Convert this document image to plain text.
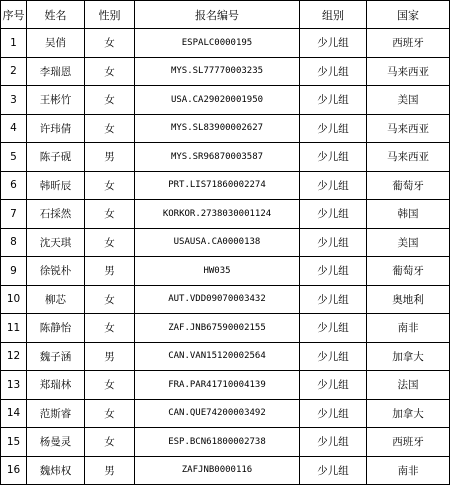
序号	姓名	性别	报名编号	组别	国家
1	吴俏	女	ESPALC0000195	少儿组	西班牙
2	李瑞恩	女	MYS.SL77770003235	少儿组	马来西亚
3	王彬竹	女	USA.CA29020001950	少儿组	美国
4	许玮倩	女	MYS.SL83900002627	少儿组	马来西亚
5	陈子砚	男	MYS.SR96870003587	少儿组	马来西亚
6	韩昕辰	女	PRT.LIS71860002274	少儿组	葡萄牙
7	石採然	女	KORKOR.2738030001124	少儿组	韩国
8	沈天琪	女	USAUSA.CA0000138	少儿组	美国
9	徐锐朴	男	HW035	少儿组	葡萄牙
10	柳芯	女	AUT.VDD09070003432	少儿组	奥地利
11	陈静怡	女	ZAF.JNB67590002155	少儿组	南非
12	魏子涵	男	CAN.VAN15120002564	少儿组	加拿大
13	郑瑞林	女	FRA.PAR41710004139	少儿组	法国
14	范斯睿	女	CAN.QUE74200003492	少儿组	加拿大
15	杨曼灵	女	ESP.BCN61800002738	少儿组	西班牙
16	魏炜权	男	ZAFJNB0000116	少儿组	南非
